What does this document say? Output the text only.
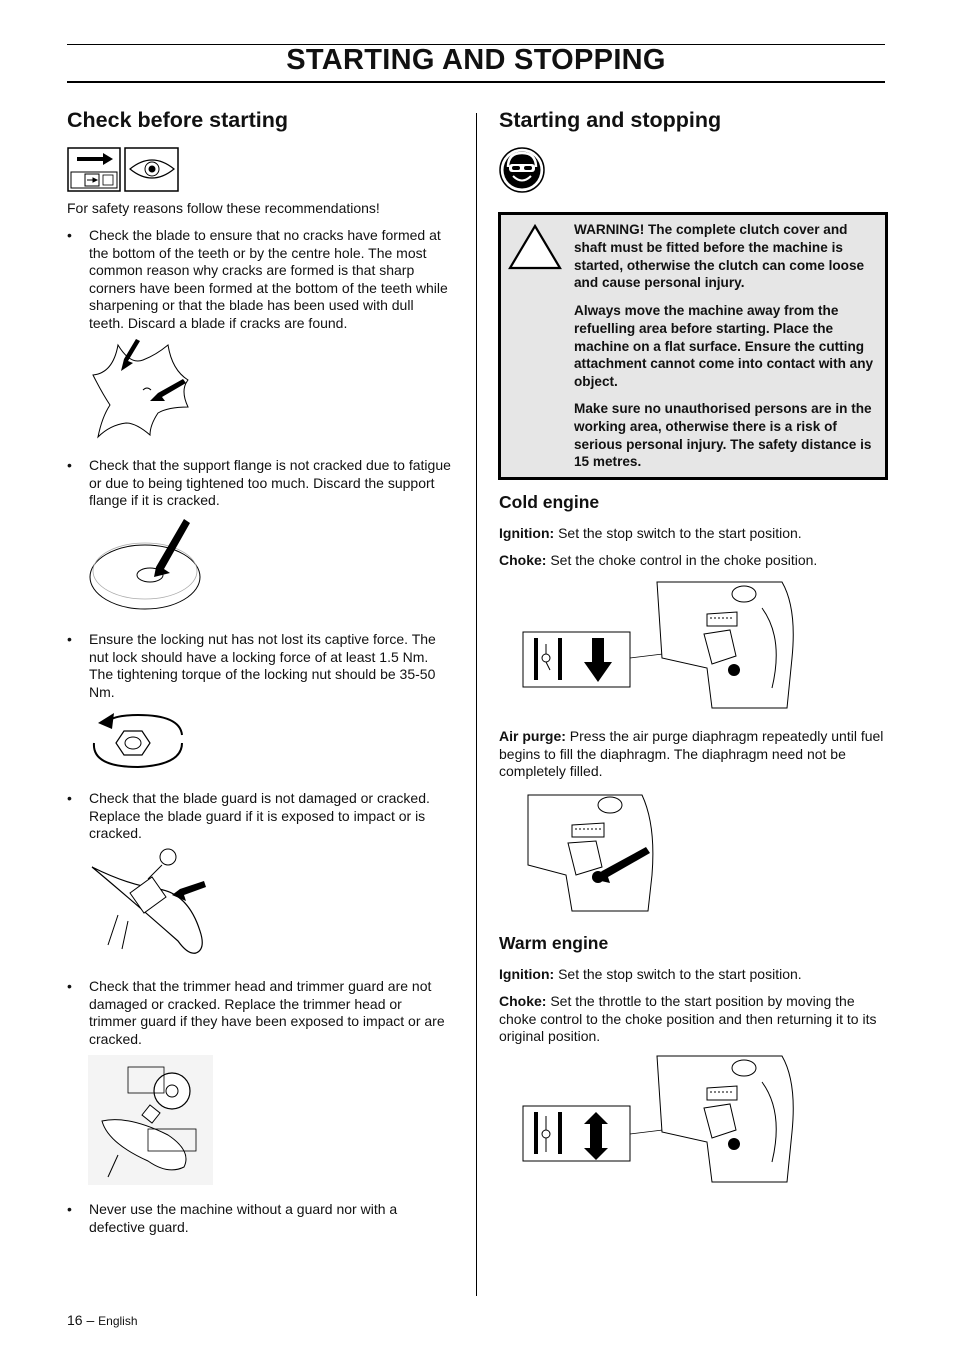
STARTING AND STOPPING
Check before starting
For safety reasons follow these recommendations!
• Check the blade to ensure that no cracks have formed at the bottom of the teeth or by the centre hole. The most common reason why cracks are formed is that sharp corners have been formed at the bottom of the teeth while sharpening or that the blade has been used with dull teeth. Discard a blade if cracks are found.
• Check that the support flange is not cracked due to fatigue or due to being tightened too much. Discard the support flange if it is cracked.
• Ensure the locking nut has not lost its captive force. The nut lock should have a locking force of at least 1.5 Nm. The tightening torque of the locking nut should be 35-50 Nm.
• Check that the blade guard is not damaged or cracked. Replace the blade guard if it is exposed to impact or is cracked.
• Check that the trimmer head and trimmer guard are not damaged or cracked. Replace the trimmer head or trimmer guard if they have been exposed to impact or are cracked.
• Never use the machine without a guard nor with a defective guard.
Starting and stopping
WARNING! The complete clutch cover and shaft must be fitted before the machine is started, otherwise the clutch can come loose and cause personal injury.
Always move the machine away from the refuelling area before starting. Place the machine on a flat surface. Ensure the cutting attachment cannot come into contact with any object.
Make sure no unauthorised persons are in the working area, otherwise there is a risk of serious personal injury. The safety distance is 15 metres.
Cold engine
Ignition: Set the stop switch to the start position.
Choke: Set the choke control in the choke position.
Air purge: Press the air purge diaphragm repeatedly until fuel begins to fill the diaphragm. The diaphragm need not be completely filled.
Warm engine
Ignition: Set the stop switch to the start position.
Choke: Set the throttle to the start position by moving the choke control to the choke position and then returning it to its original position.
16 – English
